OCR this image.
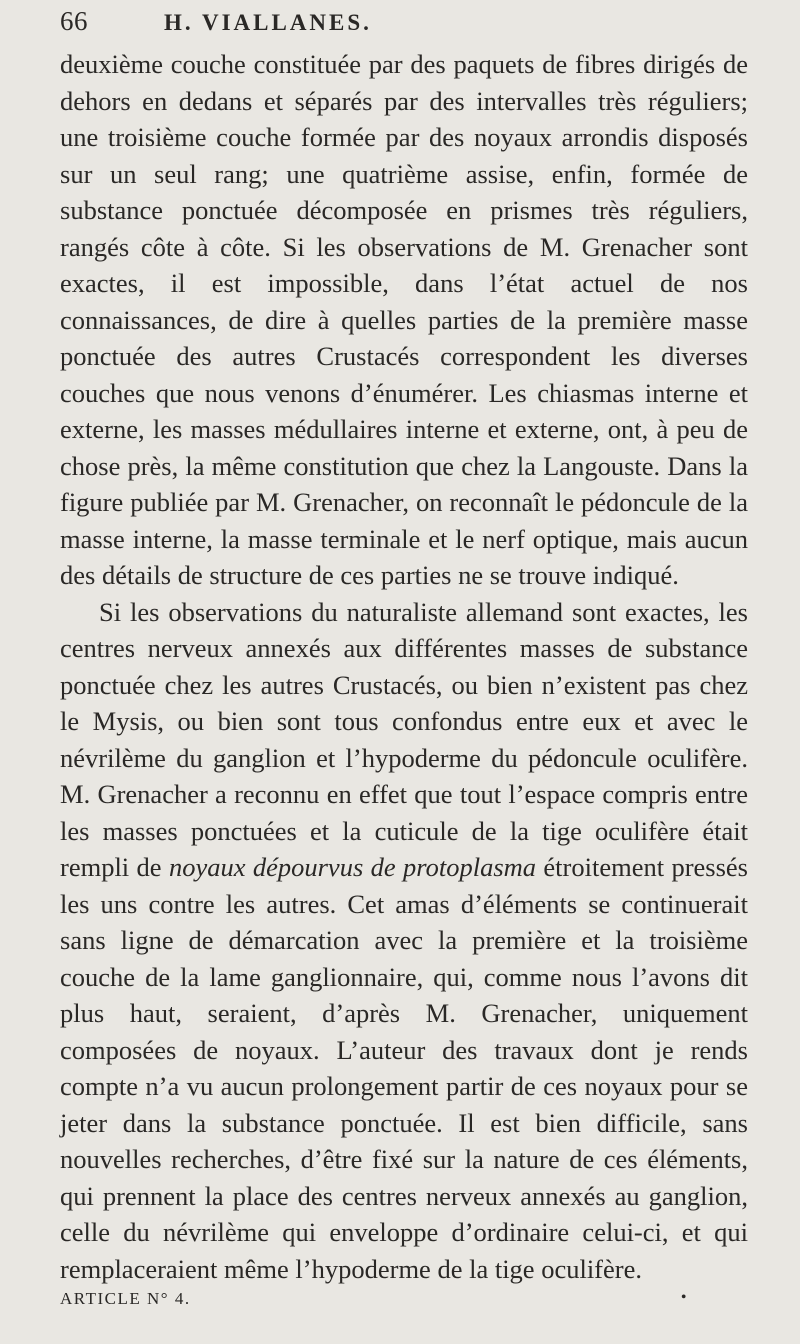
66	H. VIALLANES.

deuxième couche constituée par des paquets de fibres dirigés de dehors en dedans et séparés par des intervalles très réguliers; une troisième couche formée par des noyaux arrondis disposés sur un seul rang; une quatrième assise, enfin, formée de substance ponctuée décomposée en prismes très réguliers, rangés côte à côte. Si les observations de M. Grenacher sont exactes, il est impossible, dans l’état actuel de nos connaissances, de dire à quelles parties de la première masse ponctuée des autres Crustacés correspondent les diverses couches que nous venons d’énumérer. Les chiasmas interne et externe, les masses médullaires interne et externe, ont, à peu de chose près, la même constitution que chez la Langouste. Dans la figure publiée par M. Grenacher, on reconnaît le pédoncule de la masse interne, la masse terminale et le nerf optique, mais aucun des détails de structure de ces parties ne se trouve indiqué.

Si les observations du naturaliste allemand sont exactes, les centres nerveux annexés aux différentes masses de substance ponctuée chez les autres Crustacés, ou bien n’existent pas chez le Mysis, ou bien sont tous confondus entre eux et avec le névrilème du ganglion et l’hypoderme du pédoncule oculifère. M. Grenacher a reconnu en effet que tout l’espace compris entre les masses ponctuées et la cuticule de la tige oculifère était rempli de noyaux dépourvus de protoplasma étroitement pressés les uns contre les autres. Cet amas d’éléments se continuerait sans ligne de démarcation avec la première et la troisième couche de la lame ganglionnaire, qui, comme nous l’avons dit plus haut, seraient, d’après M. Grenacher, uniquement composées de noyaux. L’auteur des travaux dont je rends compte n’a vu aucun prolongement partir de ces noyaux pour se jeter dans la substance ponctuée. Il est bien difficile, sans nouvelles recherches, d’être fixé sur la nature de ces éléments, qui prennent la place des centres nerveux annexés au ganglion, celle du névrilème qui enveloppe d’ordinaire celui-ci, et qui remplaceraient même l’hypoderme de la tige oculifère.

ARTICLE N° 4.	•
